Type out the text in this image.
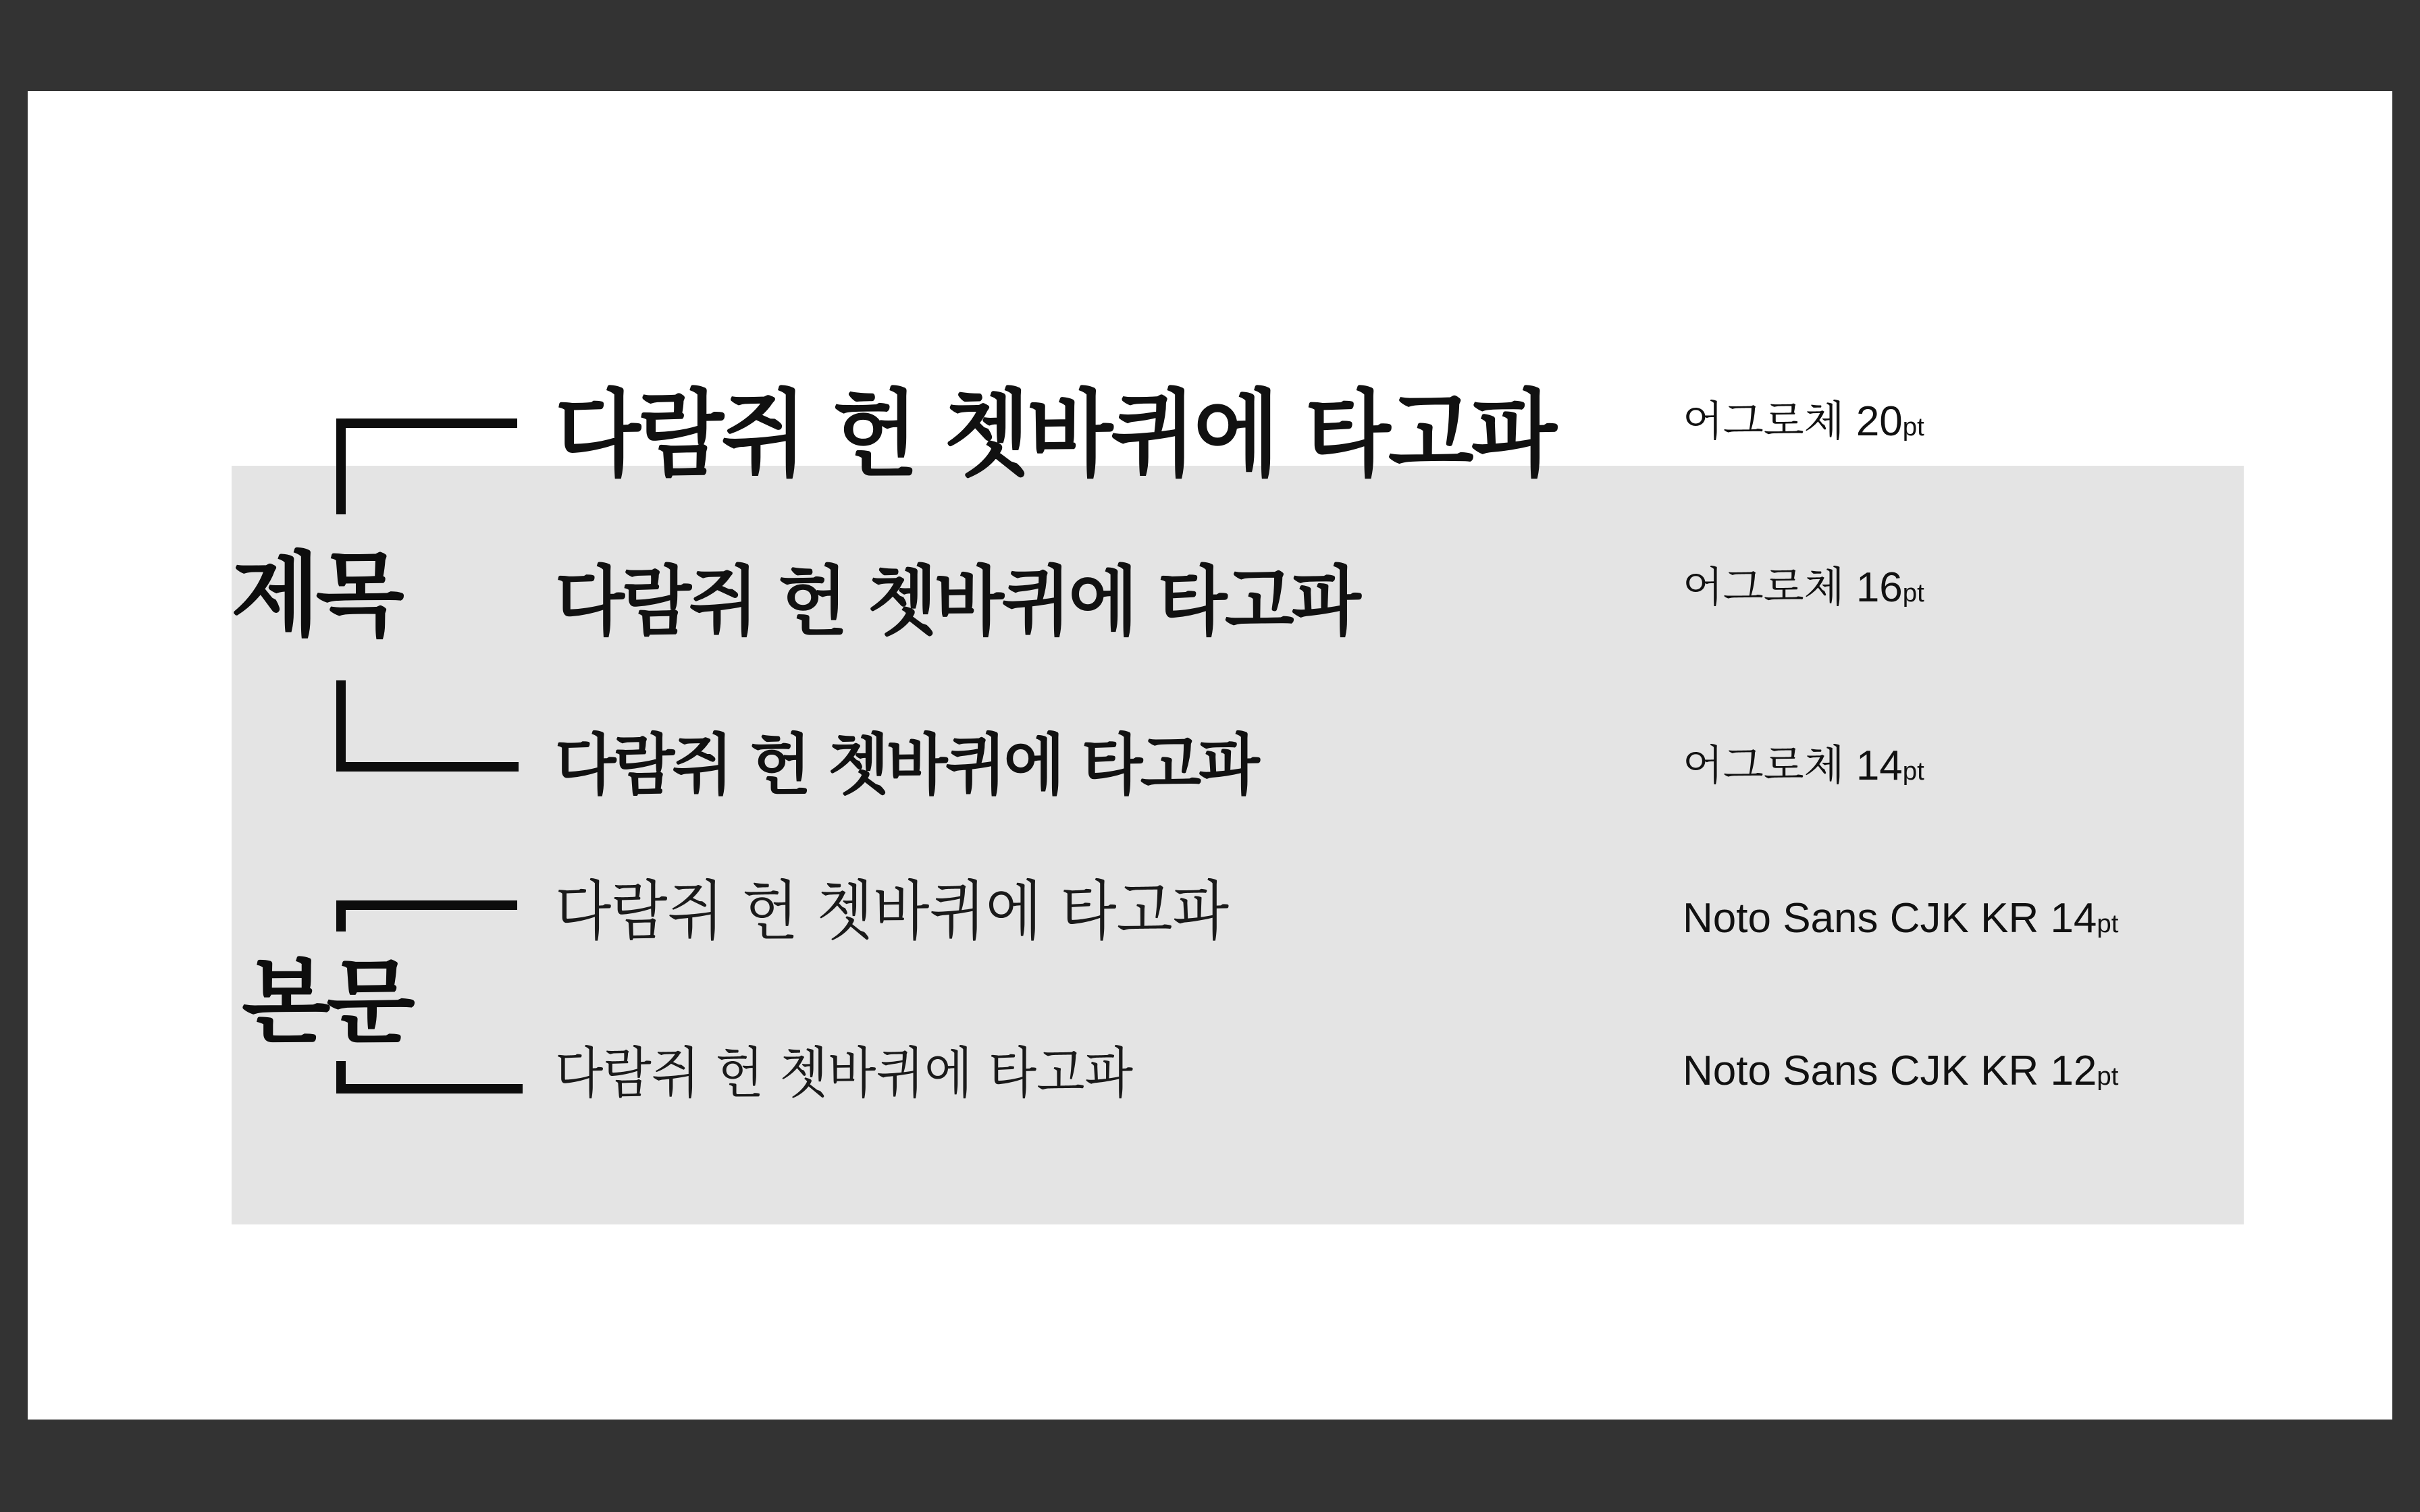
제목
본문
다람쥐 헌 쳇바퀴에 타고파
다람쥐 헌 쳇바퀴에 타고파
다람쥐 헌 쳇바퀴에 타고파
다람쥐 헌 쳇바퀴에 타고파
다람쥐 헌 쳇바퀴에 타고파
어그로체 20pt
어그로체 16pt
어그로체 14pt
Noto Sans CJK KR 14pt
Noto Sans CJK KR 12pt
